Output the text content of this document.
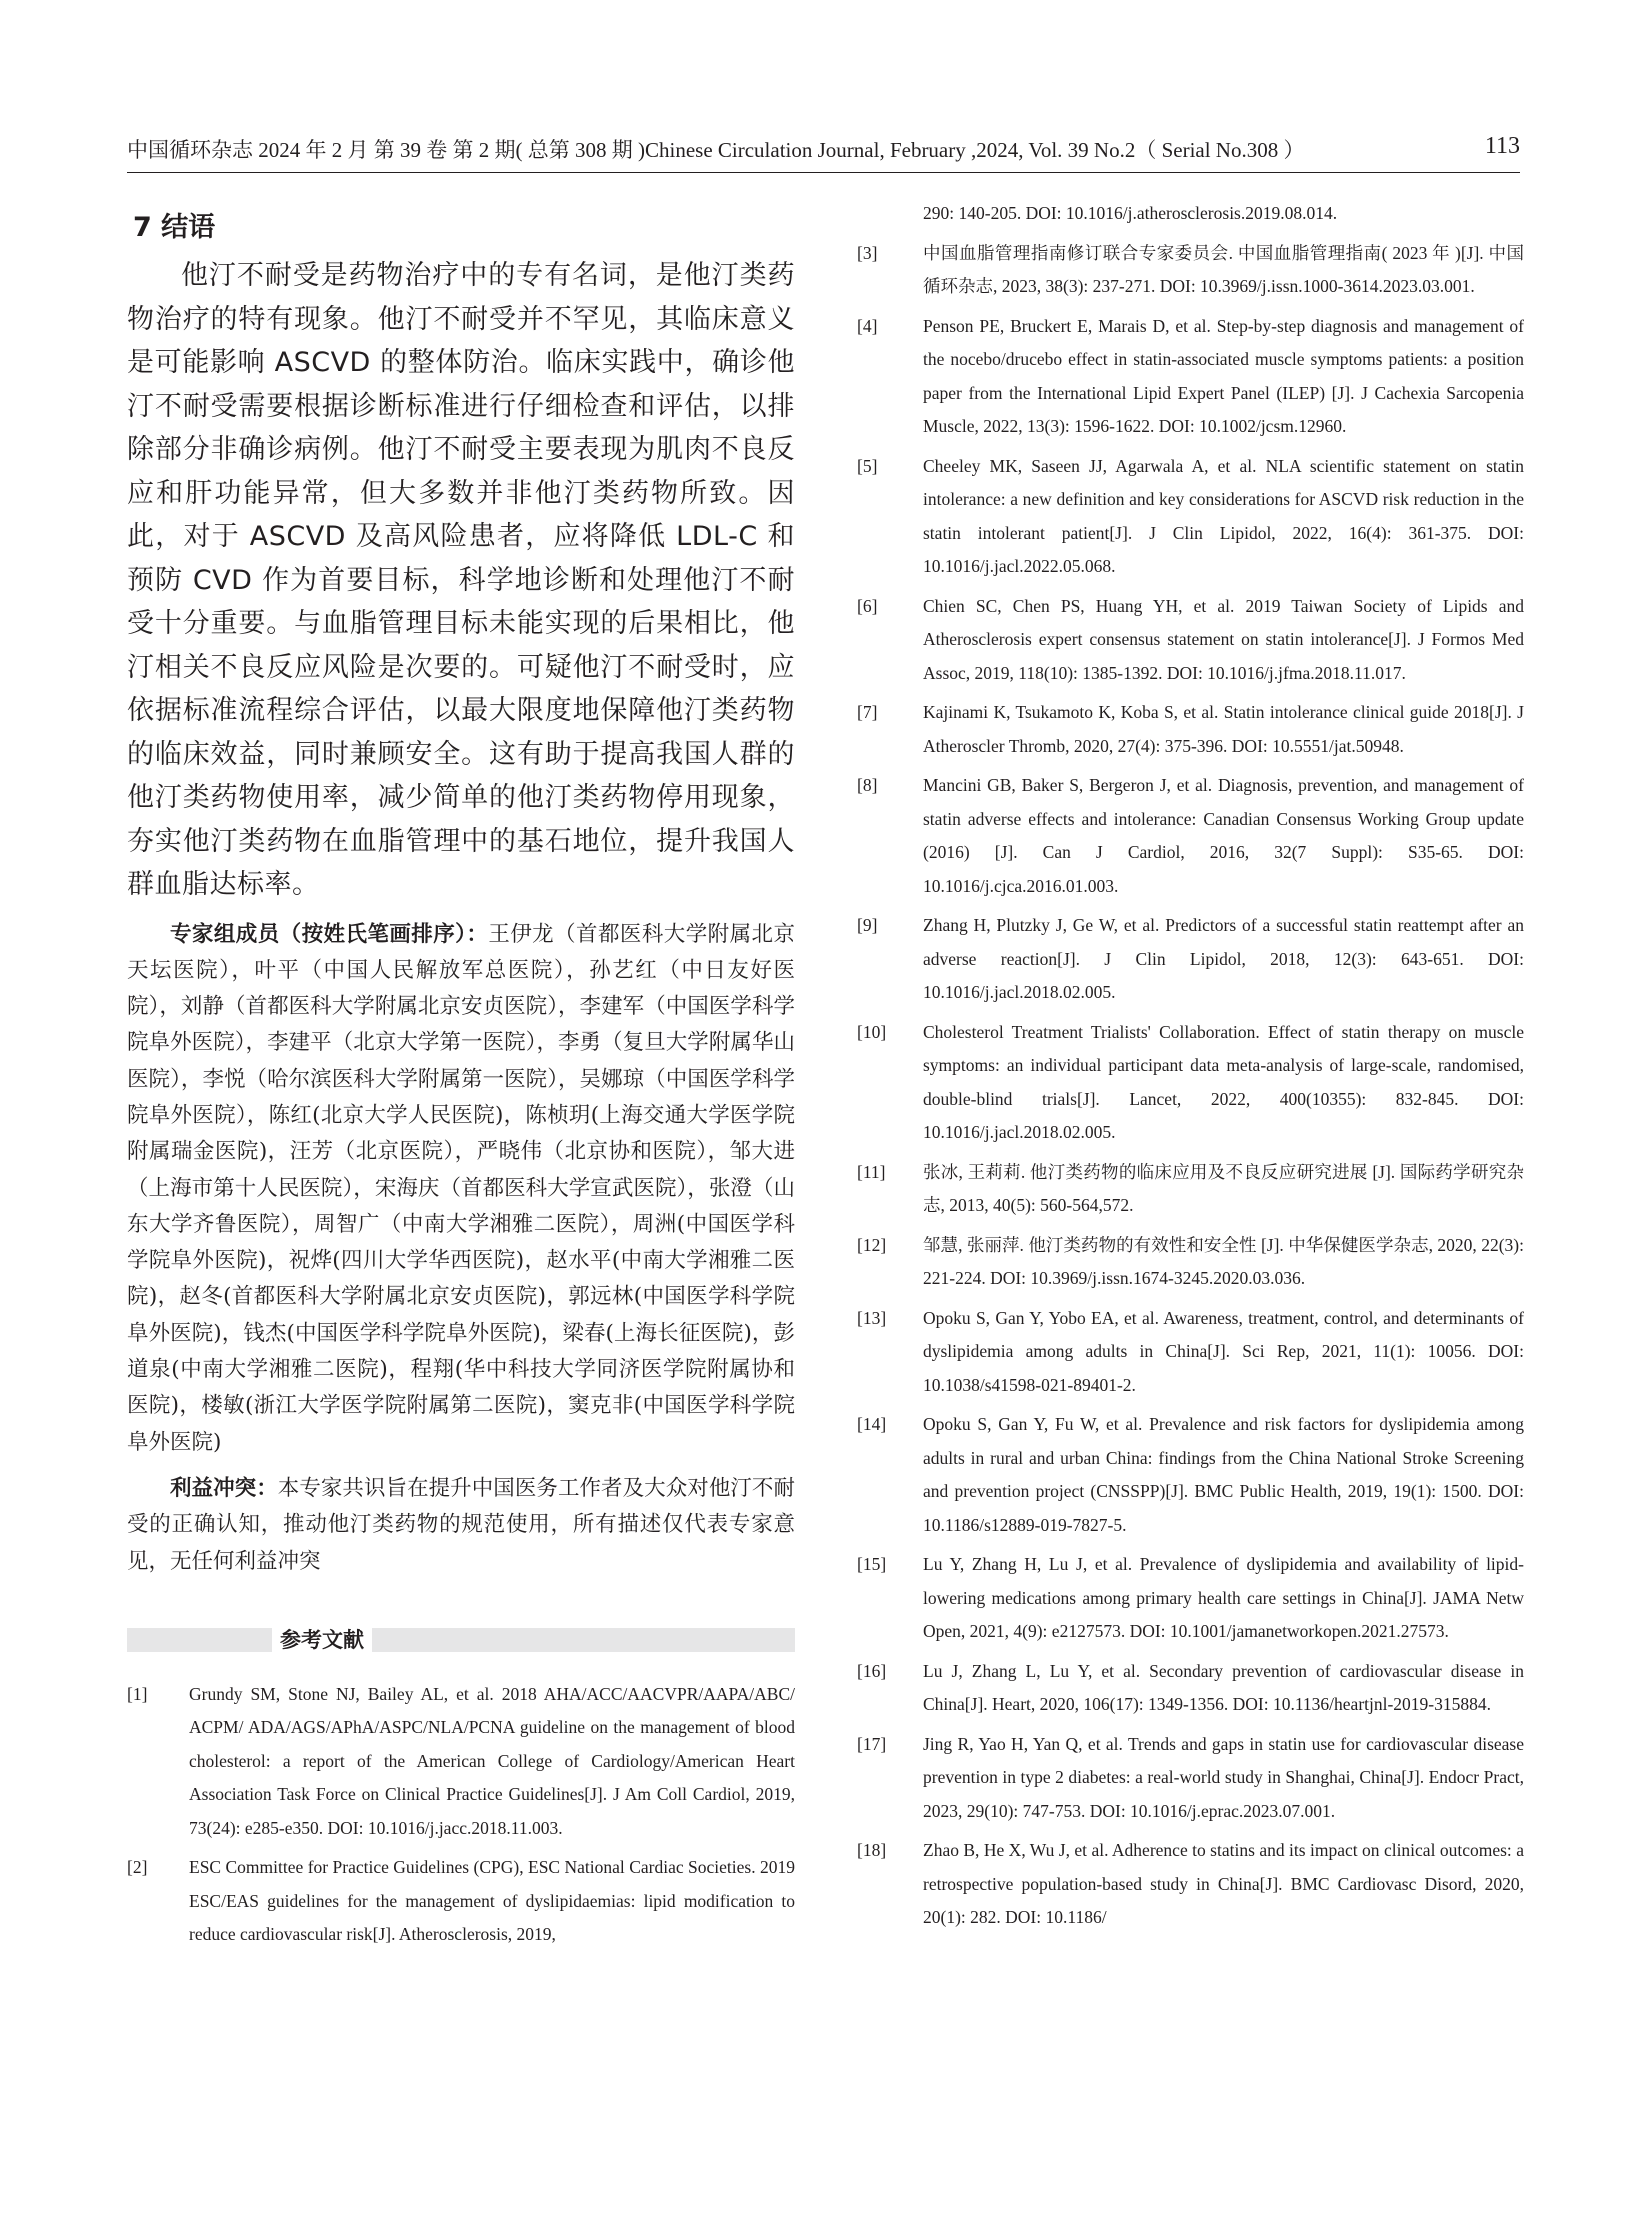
中国循环杂志 2024 年 2 月 第 39 卷 第 2 期( 总第 308 期 )Chinese Circulation Journal, February ,2024, Vol. 39 No.2（ Serial No.308 ）	113
7 结语

他汀不耐受是药物治疗中的专有名词，是他汀类药物治疗的特有现象。他汀不耐受并不罕见，其临床意义是可能影响 ASCVD 的整体防治。临床实践中，确诊他汀不耐受需要根据诊断标准进行仔细检查和评估，以排除部分非确诊病例。他汀不耐受主要表现为肌肉不良反应和肝功能异常，但大多数并非他汀类药物所致。因此，对于 ASCVD 及高风险患者，应将降低 LDL-C 和预防 CVD 作为首要目标，科学地诊断和处理他汀不耐受十分重要。与血脂管理目标未能实现的后果相比，他汀相关不良反应风险是次要的。可疑他汀不耐受时，应依据标准流程综合评估，以最大限度地保障他汀类药物的临床效益，同时兼顾安全。这有助于提高我国人群的他汀类药物使用率，减少简单的他汀类药物停用现象，夯实他汀类药物在血脂管理中的基石地位，提升我国人群血脂达标率。

专家组成员（按姓氏笔画排序）：王伊龙（首都医科大学附属北京天坛医院），叶平（中国人民解放军总医院），孙艺红（中日友好医院），刘静（首都医科大学附属北京安贞医院），李建军（中国医学科学院阜外医院），李建平（北京大学第一医院），李勇（复旦大学附属华山医院），李悦（哈尔滨医科大学附属第一医院），吴娜琼（中国医学科学院阜外医院），陈红(北京大学人民医院)，陈桢玥(上海交通大学医学院附属瑞金医院)，汪芳（北京医院），严晓伟（北京协和医院），邹大进（上海市第十人民医院），宋海庆（首都医科大学宣武医院），张澄（山东大学齐鲁医院），周智广（中南大学湘雅二医院），周洲(中国医学科学院阜外医院)，祝烨(四川大学华西医院)，赵水平(中南大学湘雅二医院)，赵冬(首都医科大学附属北京安贞医院)，郭远林(中国医学科学院阜外医院)，钱杰(中国医学科学院阜外医院)，梁春(上海长征医院)，彭道泉(中南大学湘雅二医院)，程翔(华中科技大学同济医学院附属协和医院)，楼敏(浙江大学医学院附属第二医院)，窦克非(中国医学科学院阜外医院)

利益冲突：本专家共识旨在提升中国医务工作者及大众对他汀不耐受的正确认知，推动他汀类药物的规范使用，所有描述仅代表专家意见，无任何利益冲突

参考文献
[1] Grundy SM, Stone NJ, Bailey AL, et al. 2018 AHA/ACC/AACVPR/AAPA/ABC/ ACPM/ ADA/AGS/APhA/ASPC/NLA/PCNA guideline on the management of blood cholesterol: a report of the American College of Cardiology/American Heart Association Task Force on Clinical Practice Guidelines[J]. J Am Coll Cardiol, 2019, 73(24): e285-e350. DOI: 10.1016/j.jacc.2018.11.003.
[2] ESC Committee for Practice Guidelines (CPG), ESC National Cardiac Societies. 2019 ESC/EAS guidelines for the management of dyslipidaemias: lipid modification to reduce cardiovascular risk[J]. Atherosclerosis, 2019,
290: 140-205. DOI: 10.1016/j.atherosclerosis.2019.08.014.
[3]	中国血脂管理指南修订联合专家委员会. 中国血脂管理指南( 2023 年 )[J]. 中国循环杂志, 2023, 38(3): 237-271. DOI: 10.3969/j.issn.1000-3614.2023.03.001.
[4]	Penson PE, Bruckert E, Marais D, et al. Step-by-step diagnosis and management of the nocebo/drucebo effect in statin-associated muscle symptoms patients: a position paper from the International Lipid Expert Panel (ILEP) [J]. J Cachexia Sarcopenia Muscle, 2022, 13(3): 1596-1622. DOI: 10.1002/jcsm.12960.
[5]	Cheeley MK, Saseen JJ, Agarwala A, et al. NLA scientific statement on statin intolerance: a new definition and key considerations for ASCVD risk reduction in the statin intolerant patient[J]. J Clin Lipidol, 2022, 16(4): 361-375. DOI: 10.1016/j.jacl.2022.05.068.
[6]	Chien SC, Chen PS, Huang YH, et al. 2019 Taiwan Society of Lipids and Atherosclerosis expert consensus statement on statin intolerance[J]. J Formos Med Assoc, 2019, 118(10): 1385-1392. DOI: 10.1016/j.jfma.2018.11.017.
[7]	Kajinami K, Tsukamoto K, Koba S, et al. Statin intolerance clinical guide 2018[J]. J Atheroscler Thromb, 2020, 27(4): 375-396. DOI: 10.5551/jat.50948.
[8]	Mancini GB, Baker S, Bergeron J, et al. Diagnosis, prevention, and management of statin adverse effects and intolerance: Canadian Consensus Working Group update (2016) [J]. Can J Cardiol, 2016, 32(7 Suppl): S35-65. DOI: 10.1016/j.cjca.2016.01.003.
[9]	Zhang H, Plutzky J, Ge W, et al. Predictors of a successful statin reattempt after an adverse reaction[J]. J Clin Lipidol, 2018, 12(3): 643-651. DOI: 10.1016/j.jacl.2018.02.005.
[10] Cholesterol Treatment Trialists' Collaboration. Effect of statin therapy on muscle symptoms: an individual participant data meta-analysis of large-scale, randomised, double-blind trials[J]. Lancet, 2022, 400(10355): 832-845. DOI: 10.1016/j.jacl.2018.02.005.
[11] 张冰, 王莉莉. 他汀类药物的临床应用及不良反应研究进展 [J]. 国际药学研究杂志, 2013, 40(5): 560-564,572.
[12] 邹慧, 张丽萍. 他汀类药物的有效性和安全性 [J]. 中华保健医学杂志, 2020, 22(3): 221-224. DOI: 10.3969/j.issn.1674-3245.2020.03.036.
[13] Opoku S, Gan Y, Yobo EA, et al. Awareness, treatment, control, and determinants of dyslipidemia among adults in China[J]. Sci Rep, 2021, 11(1): 10056. DOI: 10.1038/s41598-021-89401-2.
[14] Opoku S, Gan Y, Fu W, et al. Prevalence and risk factors for dyslipidemia among adults in rural and urban China: findings from the China National Stroke Screening and prevention project (CNSSPP)[J]. BMC Public Health, 2019, 19(1): 1500. DOI: 10.1186/s12889-019-7827-5.
[15] Lu Y, Zhang H, Lu J, et al. Prevalence of dyslipidemia and availability of lipid-lowering medications among primary health care settings in China[J]. JAMA Netw Open, 2021, 4(9): e2127573. DOI: 10.1001/jamanetworkopen.2021.27573.
[16] Lu J, Zhang L, Lu Y, et al. Secondary prevention of cardiovascular disease in China[J]. Heart, 2020, 106(17): 1349-1356. DOI: 10.1136/heartjnl-2019-315884.
[17] Jing R, Yao H, Yan Q, et al. Trends and gaps in statin use for cardiovascular disease prevention in type 2 diabetes: a real-world study in Shanghai, China[J]. Endocr Pract, 2023, 29(10): 747-753. DOI: 10.1016/j.eprac.2023.07.001.
[18] Zhao B, He X, Wu J, et al. Adherence to statins and its impact on clinical outcomes: a retrospective population-based study in China[J]. BMC Cardiovasc Disord, 2020, 20(1): 282. DOI: 10.1186/
